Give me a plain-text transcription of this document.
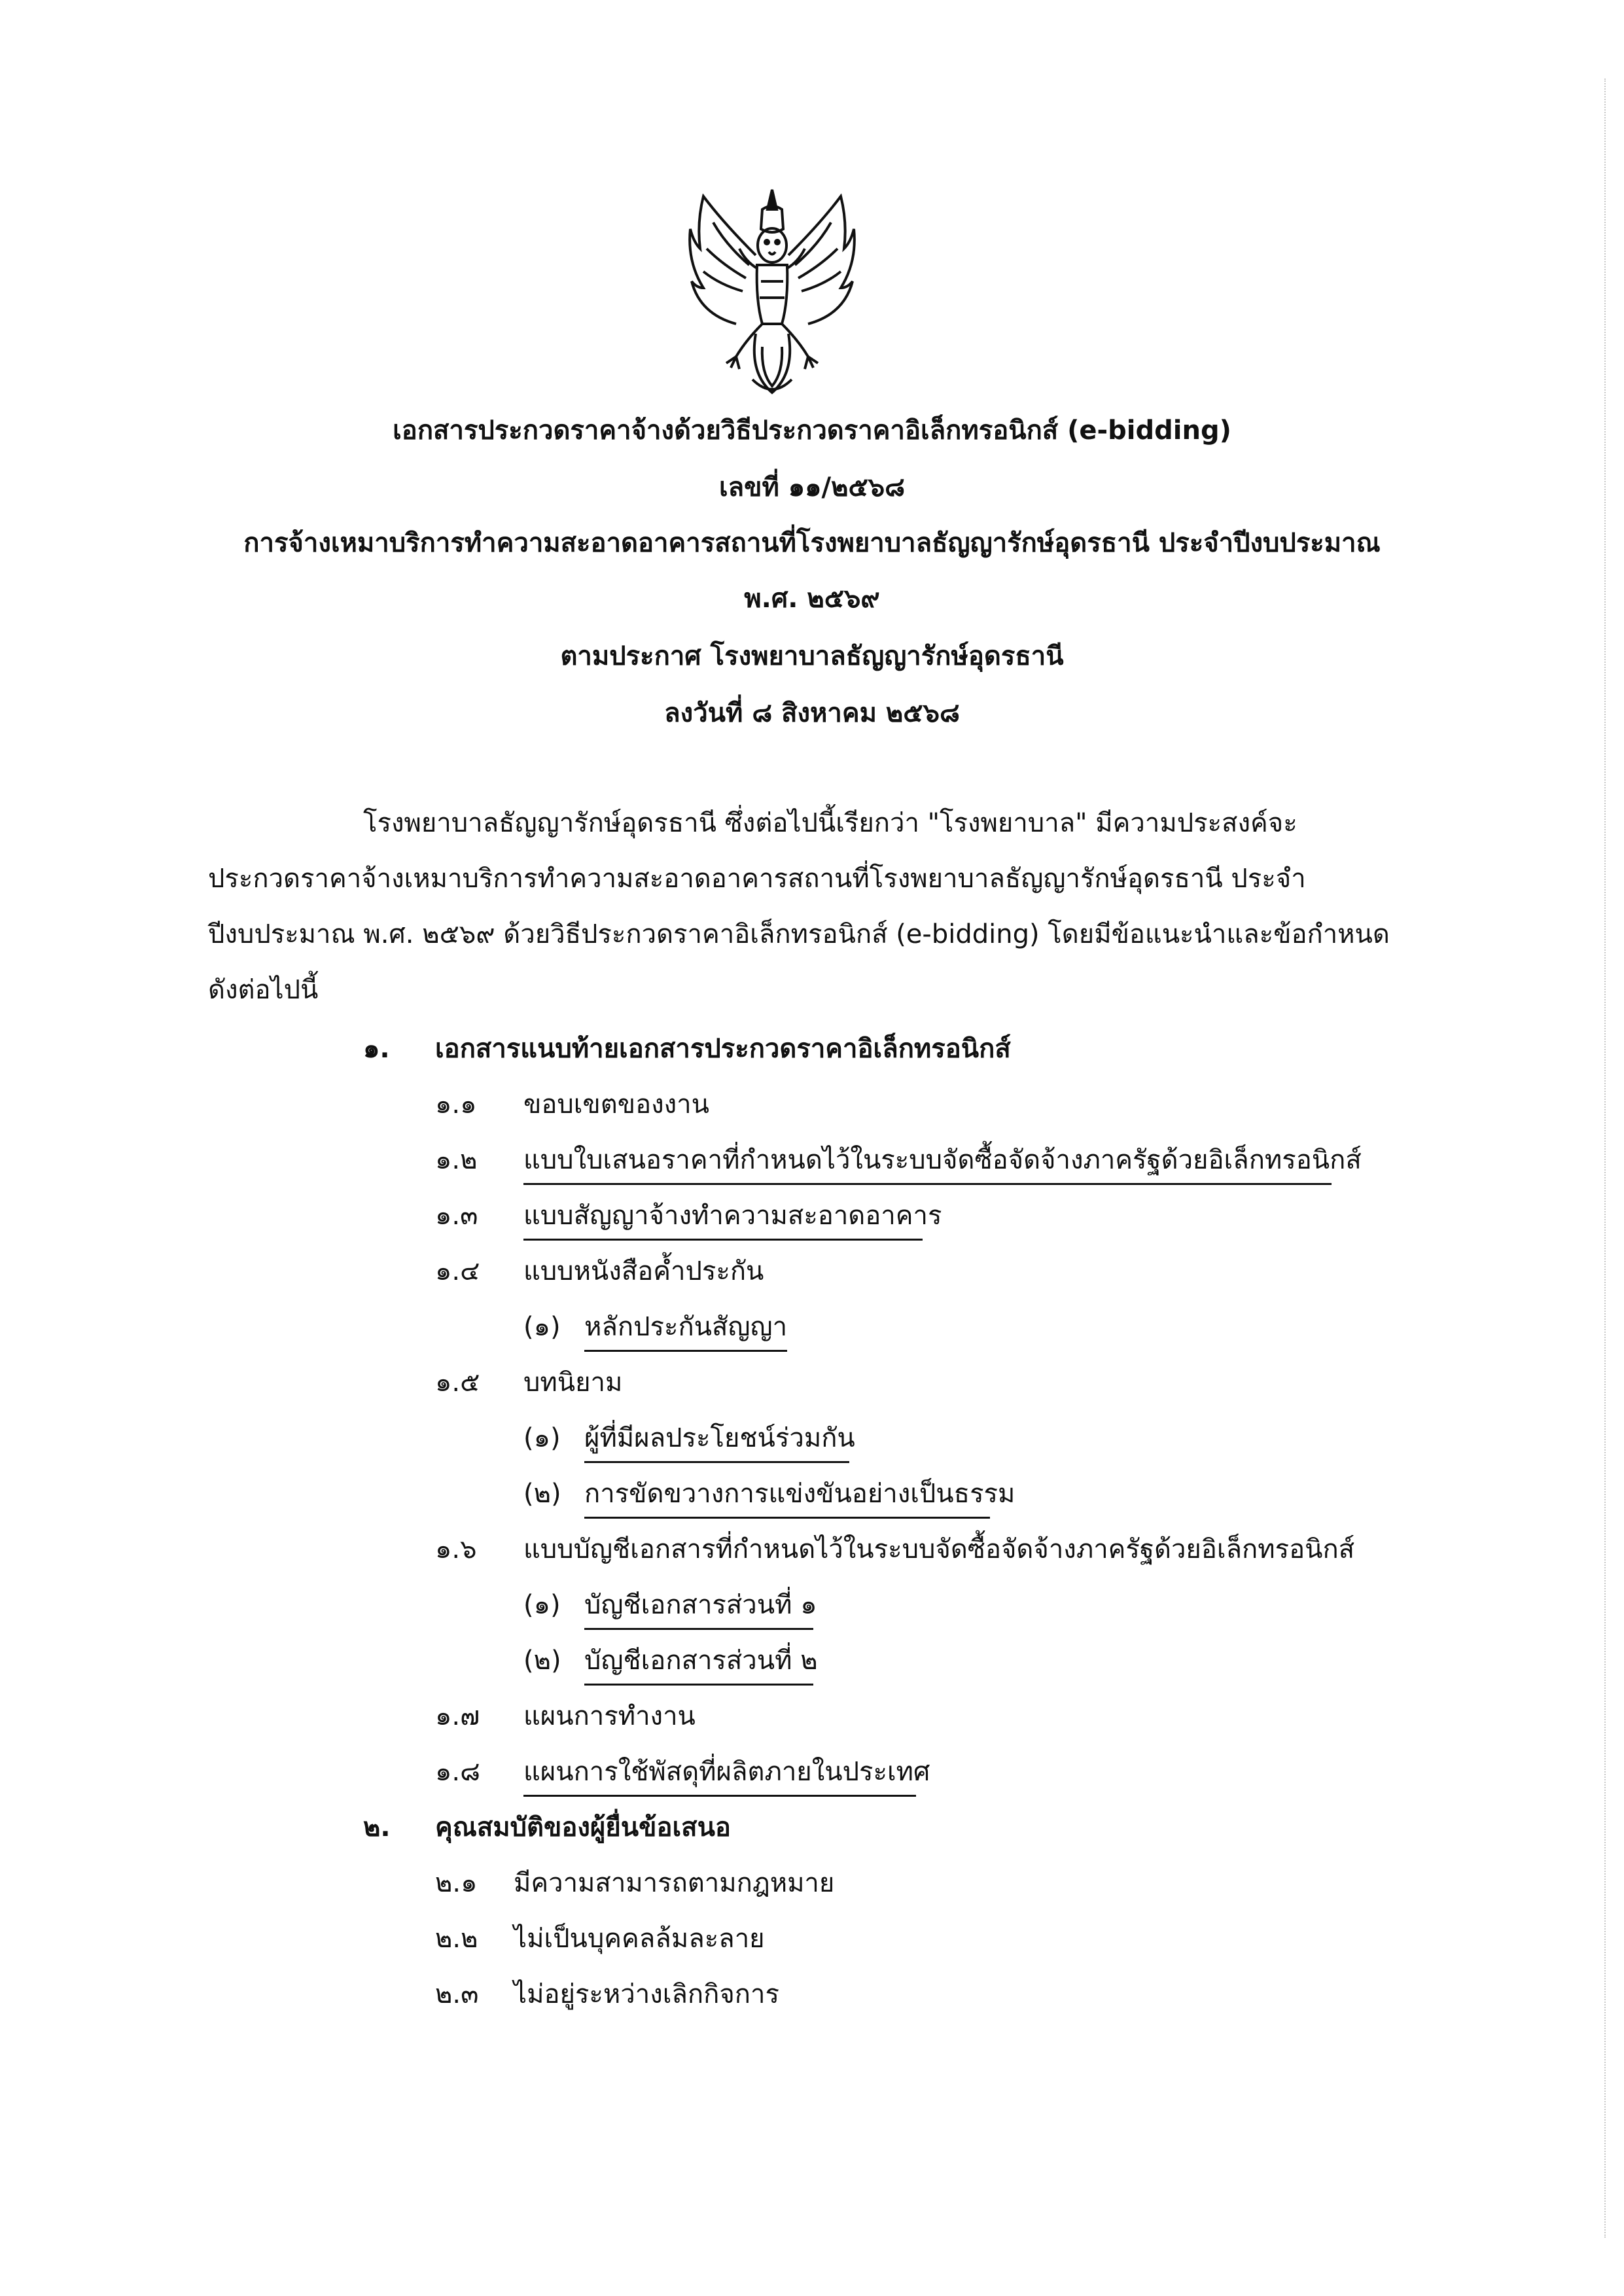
เอกสารประกวดราคาจ้างด้วยวิธีประกวดราคาอิเล็กทรอนิกส์ (e-bidding)
เลขที่ ๑๑/๒๕๖๘
การจ้างเหมาบริการทำความสะอาดอาคารสถานที่โรงพยาบาลธัญญารักษ์อุดรธานี ประจำปีงบประมาณ
พ.ศ. ๒๕๖๙
ตามประกาศ โรงพยาบาลธัญญารักษ์อุดรธานี
ลงวันที่ ๘ สิงหาคม ๒๕๖๘
โรงพยาบาลธัญญารักษ์อุดรธานี ซึ่งต่อไปนี้เรียกว่า "โรงพยาบาล" มีความประสงค์จะ
ประกวดราคาจ้างเหมาบริการทำความสะอาดอาคารสถานที่โรงพยาบาลธัญญารักษ์อุดรธานี ประจำ
ปีงบประมาณ พ.ศ. ๒๕๖๙ ด้วยวิธีประกวดราคาอิเล็กทรอนิกส์ (e-bidding) โดยมีข้อแนะนำและข้อกำหนด
ดังต่อไปนี้
๑. เอกสารแนบท้ายเอกสารประกวดราคาอิเล็กทรอนิกส์
๑.๑ ขอบเขตของงาน
๑.๒ แบบใบเสนอราคาที่กำหนดไว้ในระบบจัดซื้อจัดจ้างภาครัฐด้วยอิเล็กทรอนิกส์
๑.๓ แบบสัญญาจ้างทำความสะอาดอาคาร
๑.๔ แบบหนังสือค้ำประกัน
(๑) หลักประกันสัญญา
๑.๕ บทนิยาม
(๑) ผู้ที่มีผลประโยชน์ร่วมกัน
(๒) การขัดขวางการแข่งขันอย่างเป็นธรรม
๑.๖ แบบบัญชีเอกสารที่กำหนดไว้ในระบบจัดซื้อจัดจ้างภาครัฐด้วยอิเล็กทรอนิกส์
(๑) บัญชีเอกสารส่วนที่ ๑
(๒) บัญชีเอกสารส่วนที่ ๒
๑.๗ แผนการทำงาน
๑.๘ แผนการใช้พัสดุที่ผลิตภายในประเทศ
๒. คุณสมบัติของผู้ยื่นข้อเสนอ
๒.๑ มีความสามารถตามกฎหมาย
๒.๒ ไม่เป็นบุคคลล้มละลาย
๒.๓ ไม่อยู่ระหว่างเลิกกิจการ
